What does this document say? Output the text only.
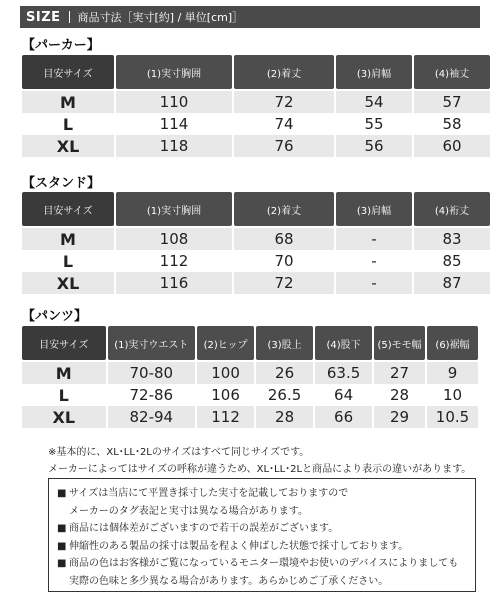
SIZE 商品寸法［実寸[約] / 単位[cm]］
【パーカー】
目安サイズ	(1)実寸胸囲	(2)着丈	(3)肩幅	(4)袖丈

M	110	72	54	57
L	114	74	55	58
XL	118	76	56	60
【スタンド】
目安サイズ	(1)実寸胸囲	(2)着丈	(3)肩幅	(4)裄丈

M	108	68	-	83
L	112	70	-	85
XL	116	72	-	87
【パンツ】
目安サイズ	(1)実寸ウエスト	(2)ヒップ	(3)股上	(4)股下	(5)モモ幅	(6)裾幅

M	70-80	100	26	63.5	27	9
L	72-86	106	26.5	64	28	10
XL	82-94	112	28	66	29	10.5
※基本的に、XL･LL･2Lのサイズはすべて同じサイズです。
メーカーによってはサイズの呼称が違うため、XL･LL･2Lと商品により表示の違いがあります。
■ サイズは当店にて平置き採寸した実寸を記載しておりますので
メーカーのタグ表記と実寸は異なる場合があります。
■ 商品には個体差がございますので若干の誤差がございます。
■ 伸縮性のある製品の採寸は製品を程よく伸ばした状態で採寸しております。
■ 商品の色はお客様がご覧になっているモニター環境やお使いのデバイスによりましても
実際の色味と多少異なる場合があります。あらかじめご了承ください。
